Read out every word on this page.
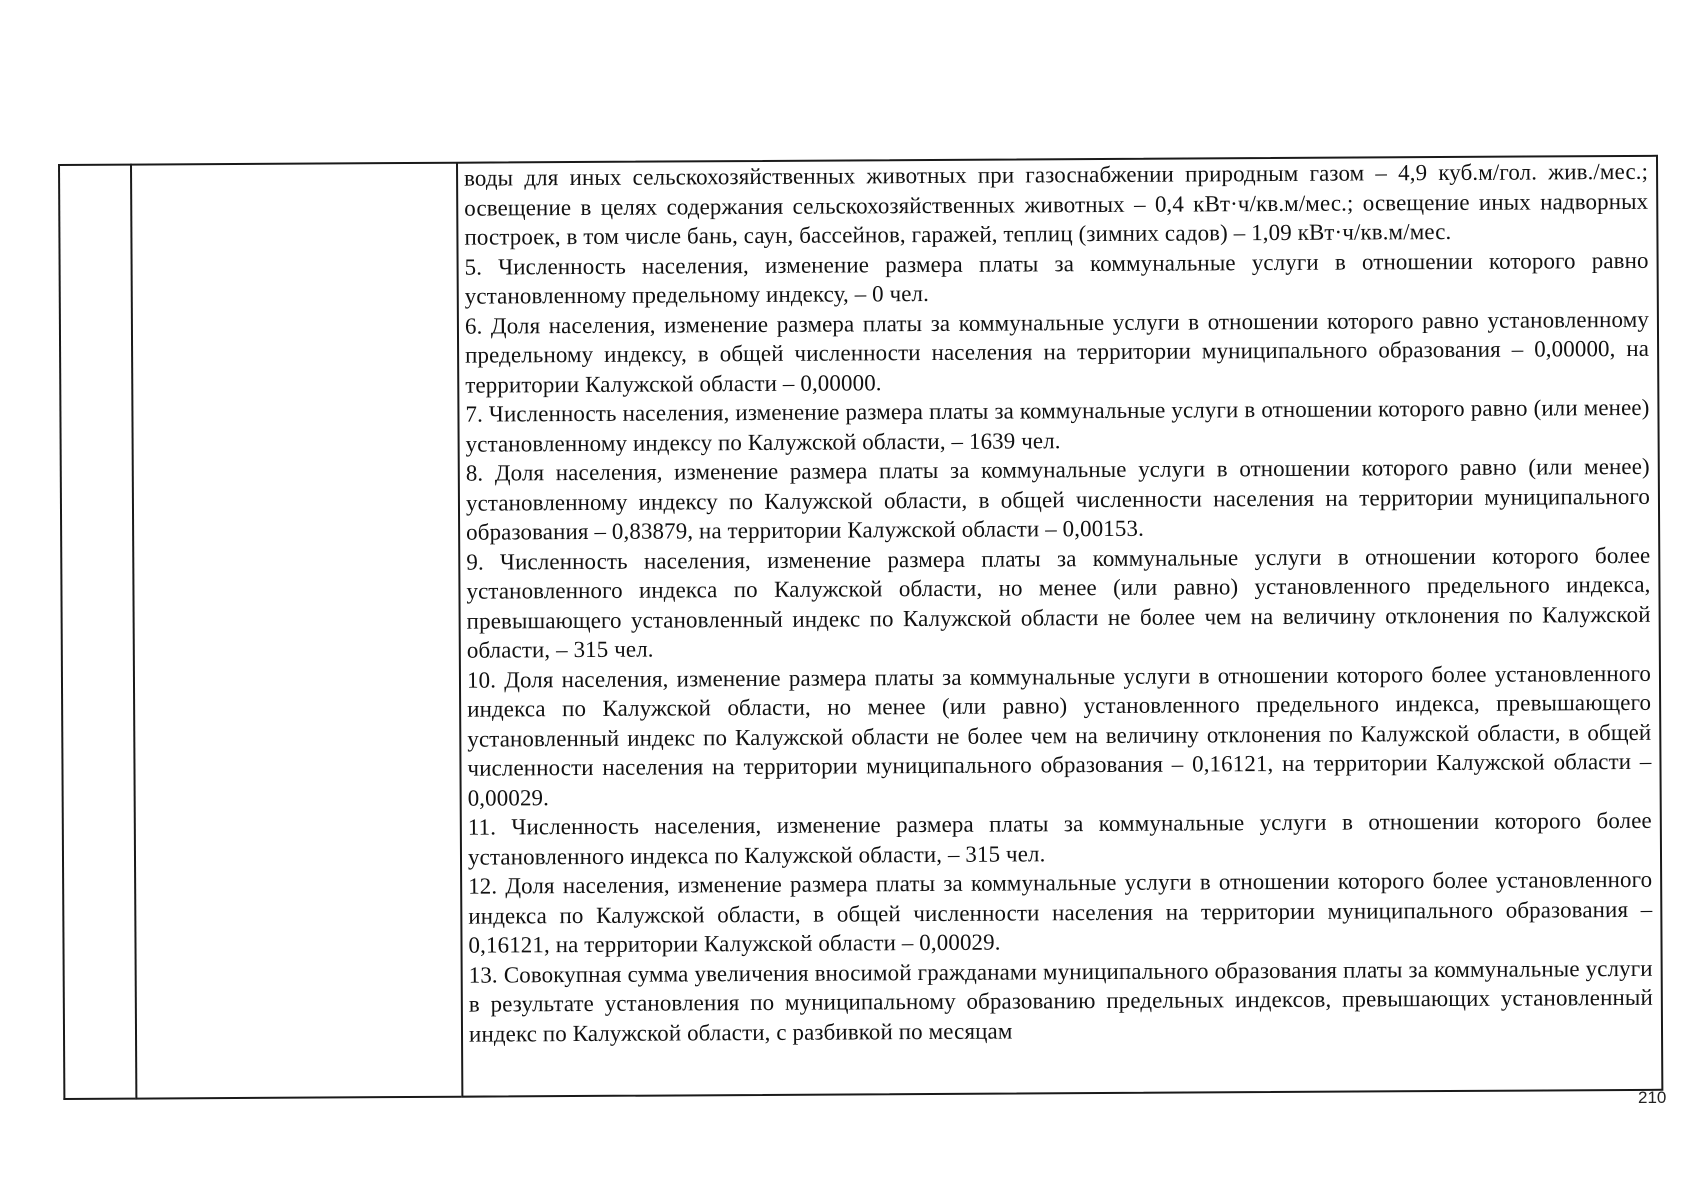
воды для иных сельскохозяйственных животных при газоснабжении природным газом – 4,9 куб.м/гол. жив./мес.; освещение в целях содержания сельскохозяйственных животных – 0,4 кВт·ч/кв.м/мес.; освещение иных надворных построек, в том числе бань, саун, бассейнов, гаражей, теплиц (зимних садов) – 1,09 кВт·ч/кв.м/мес.

5. Численность населения, изменение размера платы за коммунальные услуги в отношении которого равно установленному предельному индексу, – 0 чел.

6. Доля населения, изменение размера платы за коммунальные услуги в отношении которого равно установленному предельному индексу, в общей численности населения на территории муниципального образования – 0,00000, на территории Калужской области – 0,00000.

7. Численность населения, изменение размера платы за коммунальные услуги в отношении которого равно (или менее) установленному индексу по Калужской области, – 1639 чел.

8. Доля населения, изменение размера платы за коммунальные услуги в отношении которого равно (или менее) установленному индексу по Калужской области, в общей численности населения на территории муниципального образования – 0,83879, на территории Калужской области – 0,00153.

9. Численность населения, изменение размера платы за коммунальные услуги в отношении которого более установленного индекса по Калужской области, но менее (или равно) установленного предельного индекса, превышающего установленный индекс по Калужской области не более чем на величину отклонения по Калужской области, – 315 чел.

10. Доля населения, изменение размера платы за коммунальные услуги в отношении которого более установленного индекса по Калужской области, но менее (или равно) установленного предельного индекса, превышающего установленный индекс по Калужской области не более чем на величину отклонения по Калужской области, в общей численности населения на территории муниципального образования – 0,16121, на территории Калужской области – 0,00029.

11. Численность населения, изменение размера платы за коммунальные услуги в отношении которого более установленного индекса по Калужской области, – 315 чел.

12. Доля населения, изменение размера платы за коммунальные услуги в отношении которого более установленного индекса по Калужской области, в общей численности населения на территории муниципального образования – 0,16121, на территории Калужской области – 0,00029.

13. Совокупная сумма увеличения вносимой гражданами муниципального образования платы за коммунальные услуги в результате установления по муниципальному образованию предельных индексов, превышающих установленный индекс по Калужской области, с разбивкой по месяцам

210
